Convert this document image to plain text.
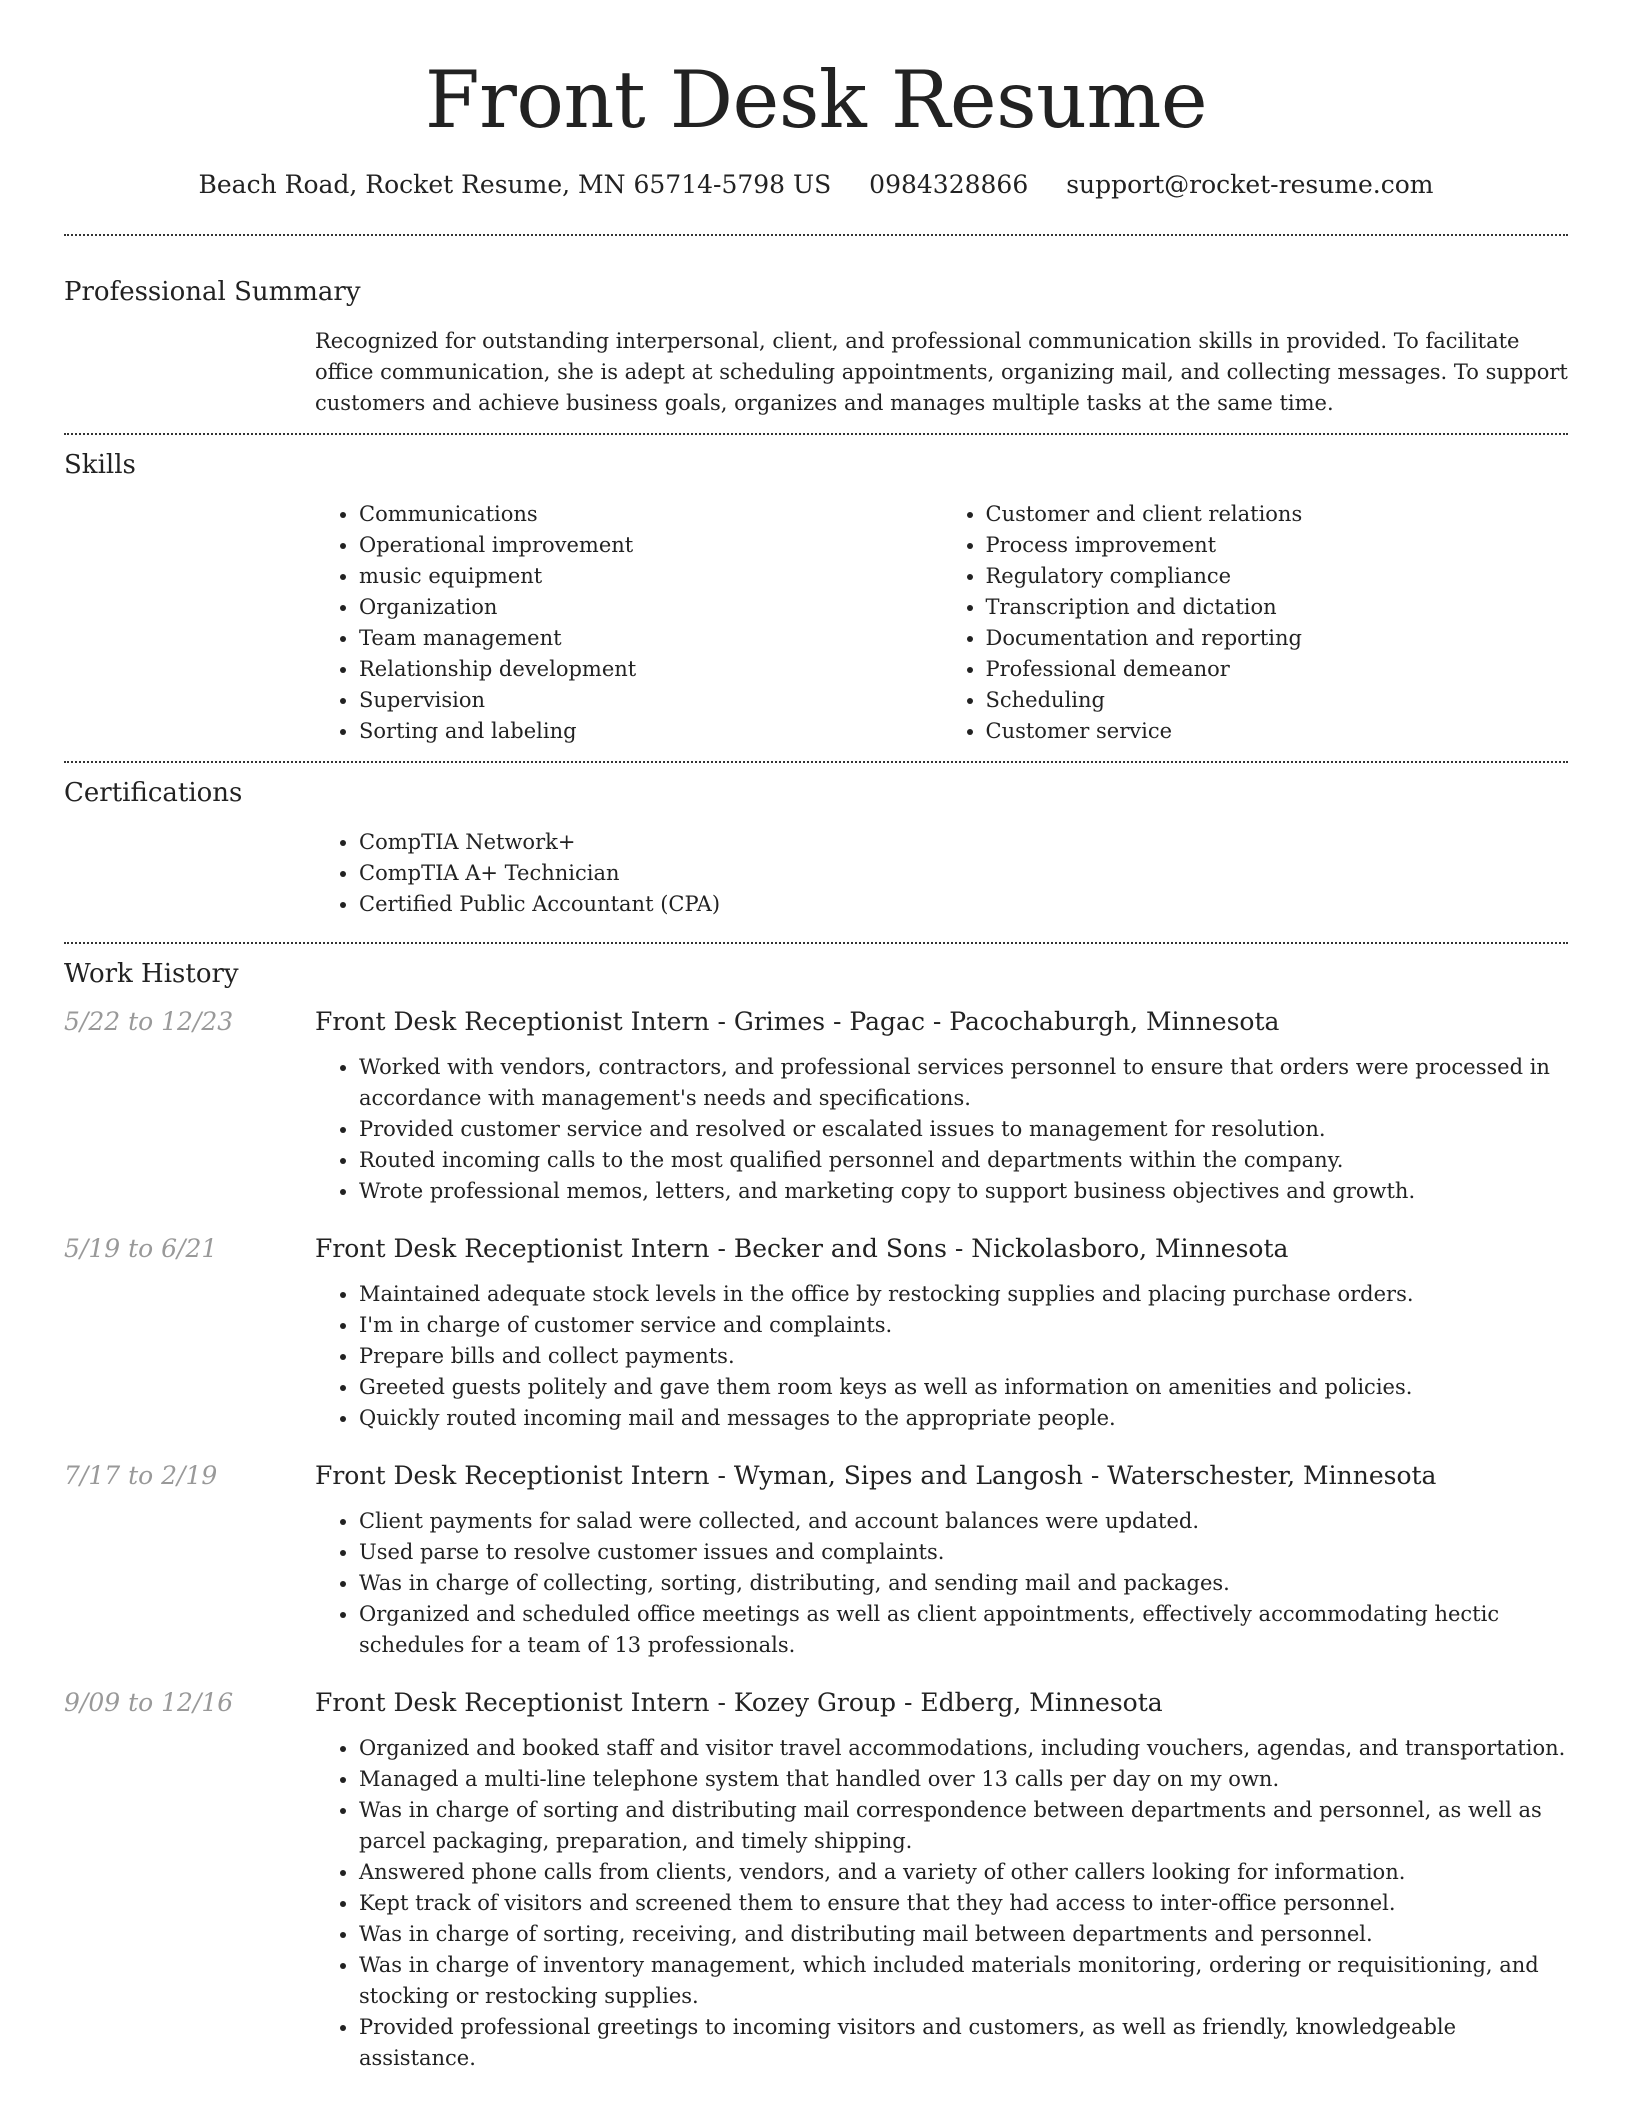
Front Desk Resume
Beach Road, Rocket Resume, MN 65714-5798 US 0984328866 support@rocket-resume.com
Professional Summary
Recognized for outstanding interpersonal, client, and professional communication skills in provided. To facilitate office communication, she is adept at scheduling appointments, organizing mail, and collecting messages. To support customers and achieve business goals, organizes and manages multiple tasks at the same time.
Skills
• Communications
• Operational improvement
• music equipment
• Organization
• Team management
• Relationship development
• Supervision
• Sorting and labeling
• Customer and client relations
• Process improvement
• Regulatory compliance
• Transcription and dictation
• Documentation and reporting
• Professional demeanor
• Scheduling
• Customer service
Certifications
• CompTIA Network+
• CompTIA A+ Technician
• Certified Public Accountant (CPA)
Work History
5/22 to 12/23	Front Desk Receptionist Intern - Grimes - Pagac - Pacochaburgh, Minnesota
• Worked with vendors, contractors, and professional services personnel to ensure that orders were processed in accordance with management's needs and specifications.
• Provided customer service and resolved or escalated issues to management for resolution.
• Routed incoming calls to the most qualified personnel and departments within the company.
• Wrote professional memos, letters, and marketing copy to support business objectives and growth.
5/19 to 6/21	Front Desk Receptionist Intern - Becker and Sons - Nickolasboro, Minnesota
• Maintained adequate stock levels in the office by restocking supplies and placing purchase orders.
• I'm in charge of customer service and complaints.
• Prepare bills and collect payments.
• Greeted guests politely and gave them room keys as well as information on amenities and policies.
• Quickly routed incoming mail and messages to the appropriate people.
7/17 to 2/19	Front Desk Receptionist Intern - Wyman, Sipes and Langosh - Waterschester, Minnesota
• Client payments for salad were collected, and account balances were updated.
• Used parse to resolve customer issues and complaints.
• Was in charge of collecting, sorting, distributing, and sending mail and packages.
• Organized and scheduled office meetings as well as client appointments, effectively accommodating hectic schedules for a team of 13 professionals.
9/09 to 12/16	Front Desk Receptionist Intern - Kozey Group - Edberg, Minnesota
• Organized and booked staff and visitor travel accommodations, including vouchers, agendas, and transportation.
• Managed a multi-line telephone system that handled over 13 calls per day on my own.
• Was in charge of sorting and distributing mail correspondence between departments and personnel, as well as parcel packaging, preparation, and timely shipping.
• Answered phone calls from clients, vendors, and a variety of other callers looking for information.
• Kept track of visitors and screened them to ensure that they had access to inter-office personnel.
• Was in charge of sorting, receiving, and distributing mail between departments and personnel.
• Was in charge of inventory management, which included materials monitoring, ordering or requisitioning, and stocking or restocking supplies.
• Provided professional greetings to incoming visitors and customers, as well as friendly, knowledgeable assistance.
